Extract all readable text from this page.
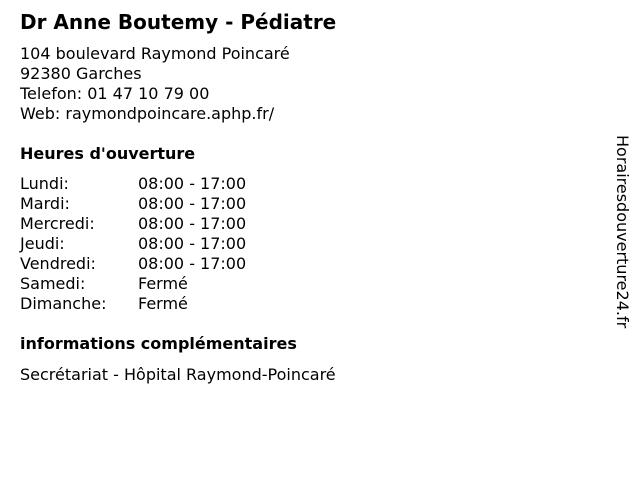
Dr Anne Boutemy - Pédiatre
104 boulevard Raymond Poincaré
92380 Garches
Telefon: 01 47 10 79 00
Web: raymondpoincare.aphp.fr/
Heures d'ouverture
Lundi:	08:00 - 17:00
Mardi:	08:00 - 17:00
Mercredi:	08:00 - 17:00
Jeudi:	08:00 - 17:00
Vendredi:	08:00 - 17:00
Samedi:	Fermé
Dimanche:	Fermé
informations complémentaires
Secrétariat - Hôpital Raymond-Poincaré
Horairesdouverture24.fr
